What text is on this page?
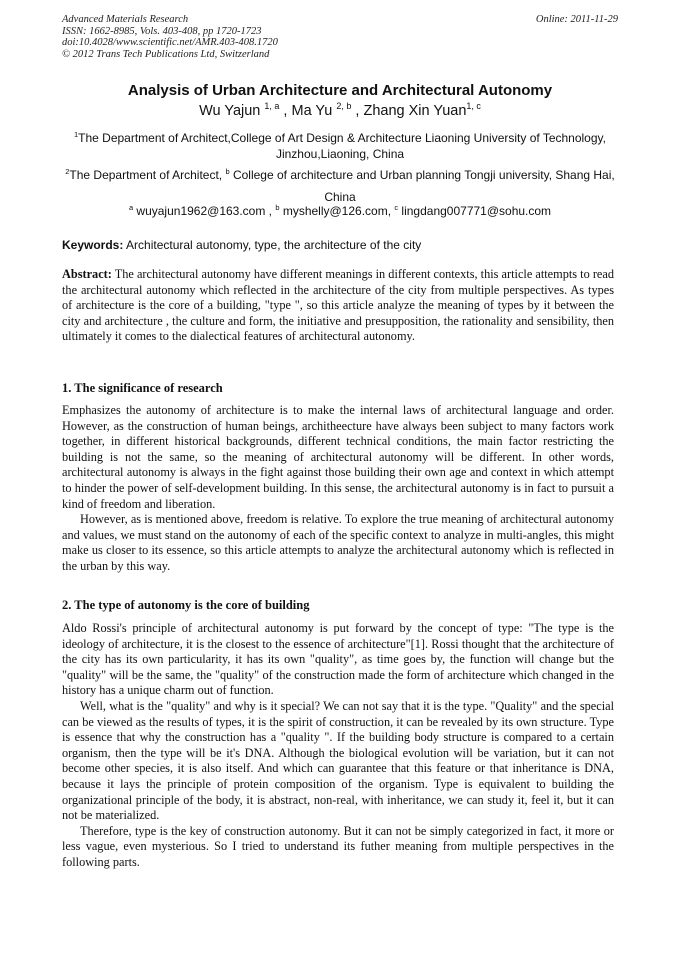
Advanced Materials Research
ISSN: 1662-8985, Vols. 403-408, pp 1720-1723
doi:10.4028/www.scientific.net/AMR.403-408.1720
© 2012 Trans Tech Publications Ltd, Switzerland
Online: 2011-11-29
Analysis of Urban Architecture and Architectural Autonomy
Wu Yajun $^{1, a}$ , Ma Yu $^{2, b}$ , Zhang Xin Yuan$^{1, c}$
$^1$The Department of Architect,College of Art Design & Architecture Liaoning University of Technology, Jinzhou,Liaoning, China
$^2$The Department of Architect, $^b$ College of architecture and Urban planning Tongji university, Shang Hai, China
$^a$ wuyajun1962@163.com , $^b$ myshelly@126.com, $^c$ lingdang007771@sohu.com
Keywords: Architectural autonomy, type, the architecture of the city

Abstract: The architectural autonomy have different meanings in different contexts, this article attempts to read the architectural autonomy which reflected in the architecture of the city from multiple perspectives. As types of architecture is the core of a building, "type ", so this article analyze the meaning of types by it between the city and architecture , the culture and form, the initiative and presupposition, the rationality and sensibility, then ultimately it comes to the dialectical features of architectural autonomy.

1. The significance of research

Emphasizes the autonomy of architecture is to make the internal laws of architectural language and order. However, as the construction of human beings, architheecture have always been subject to many factors work together, in different historical backgrounds, different technical conditions, the main factor restricting the building is not the same, so the meaning of architectural autonomy will be different. In other words, architectural autonomy is always in the fight against those building their own age and context in which attempt to hinder the power of self-development building. In this sense, the architectural autonomy is in fact to pursuit a kind of freedom and liberation.

However, as is mentioned above, freedom is relative. To explore the true meaning of architectural autonomy and values, we must stand on the autonomy of each of the specific context to analyze in multi-angles, this might make us closer to its essence, so this article attempts to analyze the architectural autonomy which is reflected in the urban by this way.

2. The type of autonomy is the core of building

Aldo Rossi's principle of architectural autonomy is put forward by the concept of type: "The type is the ideology of architecture, it is the closest to the essence of architecture"[1]. Rossi thought that the architecture of the city has its own particularity, it has its own "quality", as time goes by, the function will change but the "quality" will be the same, the "quality" of the construction made the form of architecture which changed in the history has a unique charm out of function.

Well, what is the "quality" and why is it special? We can not say that it is the type. "Quality" and the special can be viewed as the results of types, it is the spirit of construction, it can be revealed by its own structure. Type is essence that why the construction has a "quality ". If the building body structure is compared to a certain organism, then the type will be it's DNA. Although the biological evolution will be variation, but it can not become other species, it is also itself. And which can guarantee that this feature or that inheritance is DNA, because it lays the principle of protein composition of the organism. Type is equivalent to building the organizational principle of the body, it is abstract, non-real, with inheritance, we can study it, feel it, but it can not be materialized.

Therefore, type is the key of construction autonomy. But it can not be simply categorized in fact, it more or less vague, even mysterious. So I tried to understand its futher meaning from multiple perspectives in the following parts.
